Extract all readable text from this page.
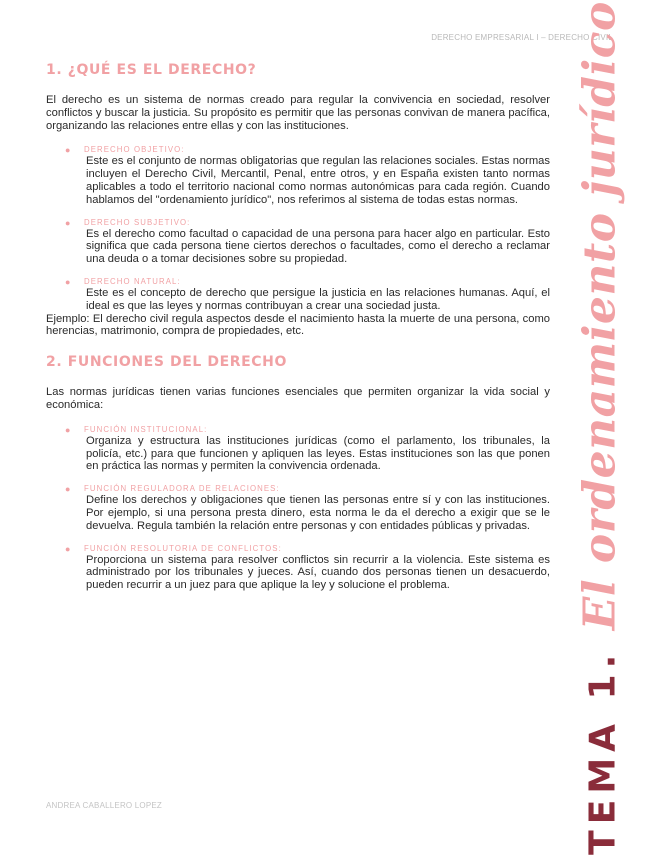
DERECHO EMPRESARIAL I – DERECHO CIVIL
1. ¿QUÉ ES EL DERECHO?

El derecho es un sistema de normas creado para regular la convivencia en sociedad, resolver conflictos y buscar la justicia. Su propósito es permitir que las personas convivan de manera pacífica, organizando las relaciones entre ellas y con las instituciones.

● DERECHO OBJETIVO:
Este es el conjunto de normas obligatorias que regulan las relaciones sociales. Estas normas incluyen el Derecho Civil, Mercantil, Penal, entre otros, y en España existen tanto normas aplicables a todo el territorio nacional como normas autonómicas para cada región. Cuando hablamos del "ordenamiento jurídico", nos referimos al sistema de todas estas normas.
● DERECHO SUBJETIVO:
Es el derecho como facultad o capacidad de una persona para hacer algo en particular. Esto significa que cada persona tiene ciertos derechos o facultades, como el derecho a reclamar una deuda o a tomar decisiones sobre su propiedad.
● DERECHO NATURAL:
Este es el concepto de derecho que persigue la justicia en las relaciones humanas. Aquí, el ideal es que las leyes y normas contribuyan a crear una sociedad justa.

Ejemplo: El derecho civil regula aspectos desde el nacimiento hasta la muerte de una persona, como herencias, matrimonio, compra de propiedades, etc.

2. FUNCIONES DEL DERECHO

Las normas jurídicas tienen varias funciones esenciales que permiten organizar la vida social y económica:

● FUNCIÓN INSTITUCIONAL:
Organiza y estructura las instituciones jurídicas (como el parlamento, los tribunales, la policía, etc.) para que funcionen y apliquen las leyes. Estas instituciones son las que ponen en práctica las normas y permiten la convivencia ordenada.
● FUNCIÓN REGULADORA DE RELACIONES:
Define los derechos y obligaciones que tienen las personas entre sí y con las instituciones. Por ejemplo, si una persona presta dinero, esta norma le da el derecho a exigir que se le devuelva. Regula también la relación entre personas y con entidades públicas y privadas.
● FUNCIÓN RESOLUTORIA DE CONFLICTOS:
Proporciona un sistema para resolver conflictos sin recurrir a la violencia. Este sistema es administrado por los tribunales y jueces. Así, cuando dos personas tienen un desacuerdo, pueden recurrir a un juez para que aplique la ley y solucione el problema.
TEMA 1. El ordenamiento jurídico
ANDREA CABALLERO LOPEZ
